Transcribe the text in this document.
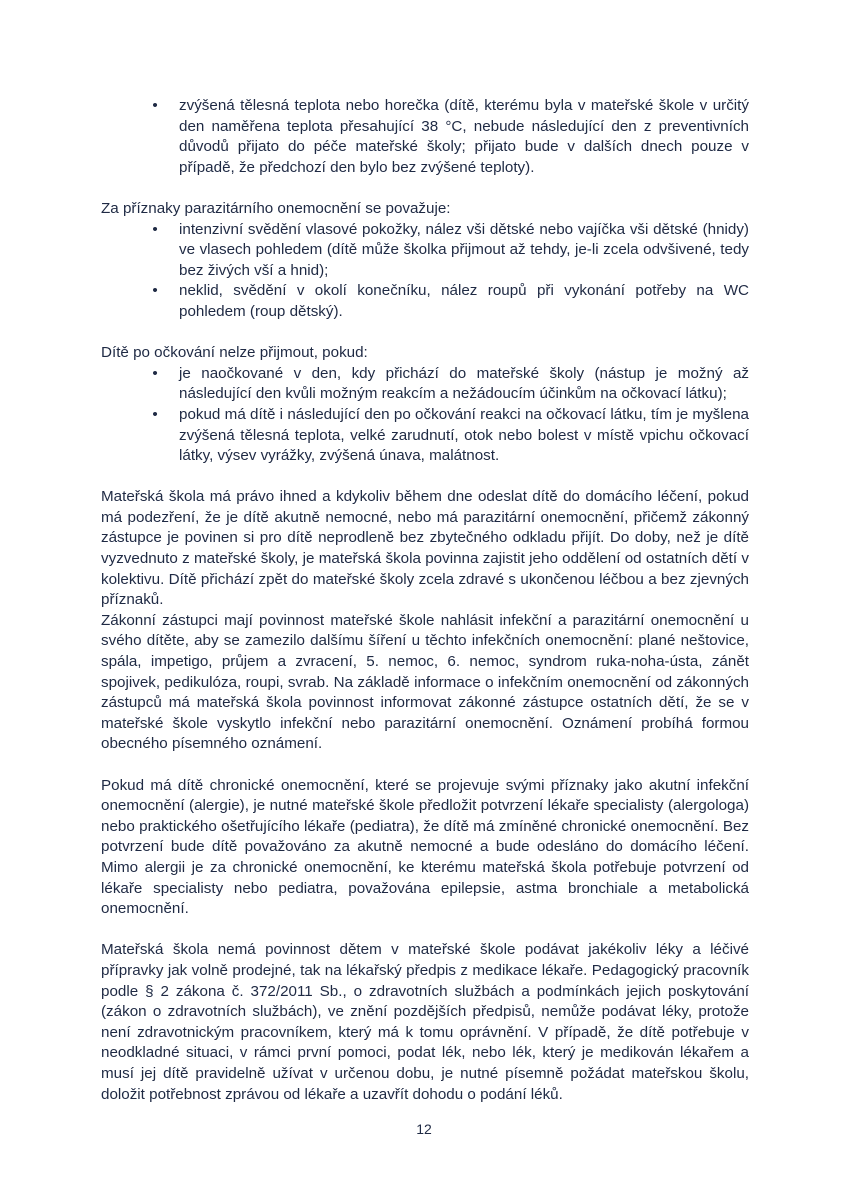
• zvýšená tělesná teplota nebo horečka (dítě, kterému byla v mateřské škole v určitý den naměřena teplota přesahující 38 °C, nebude následující den z preventivních důvodů přijato do péče mateřské školy; přijato bude v dalších dnech pouze v případě, že předchozí den bylo bez zvýšené teploty).

Za příznaky parazitárního onemocnění se považuje:

• intenzivní svědění vlasové pokožky, nález vši dětské nebo vajíčka vši dětské (hnidy) ve vlasech pohledem (dítě může školka přijmout až tehdy, je-li zcela odvšivené, tedy bez živých vší a hnid);
• neklid, svědění v okolí konečníku, nález roupů při vykonání potřeby na WC pohledem (roup dětský).

Dítě po očkování nelze přijmout, pokud:

• je naočkované v den, kdy přichází do mateřské školy (nástup je možný až následující den kvůli možným reakcím a nežádoucím účinkům na očkovací látku);
• pokud má dítě i následující den po očkování reakci na očkovací látku, tím je myšlena zvýšená tělesná teplota, velké zarudnutí, otok nebo bolest v místě vpichu očkovací látky, výsev vyrážky, zvýšená únava, malátnost.

Mateřská škola má právo ihned a kdykoliv během dne odeslat dítě do domácího léčení, pokud má podezření, že je dítě akutně nemocné, nebo má parazitární onemocnění, přičemž zákonný zástupce je povinen si pro dítě neprodleně bez zbytečného odkladu přijít. Do doby, než je dítě vyzvednuto z mateřské školy, je mateřská škola povinna zajistit jeho oddělení od ostatních dětí v kolektivu. Dítě přichází zpět do mateřské školy zcela zdravé s ukončenou léčbou a bez zjevných příznaků.

Zákonní zástupci mají povinnost mateřské škole nahlásit infekční a parazitární onemocnění u svého dítěte, aby se zamezilo dalšímu šíření u těchto infekčních onemocnění: plané neštovice, spála, impetigo, průjem a zvracení, 5. nemoc, 6. nemoc, syndrom ruka-noha-ústa, zánět spojivek, pedikulóza, roupi, svrab. Na základě informace o infekčním onemocnění od zákonných zástupců má mateřská škola povinnost informovat zákonné zástupce ostatních dětí, že se v mateřské škole vyskytlo infekční nebo parazitární onemocnění. Oznámení probíhá formou obecného písemného oznámení.

Pokud má dítě chronické onemocnění, které se projevuje svými příznaky jako akutní infekční onemocnění (alergie), je nutné mateřské škole předložit potvrzení lékaře specialisty (alergologa) nebo praktického ošetřujícího lékaře (pediatra), že dítě má zmíněné chronické onemocnění. Bez potvrzení bude dítě považováno za akutně nemocné a bude odesláno do domácího léčení. Mimo alergii je za chronické onemocnění, ke kterému mateřská škola potřebuje potvrzení od lékaře specialisty nebo pediatra, považována epilepsie, astma bronchiale a metabolická onemocnění.

Mateřská škola nemá povinnost dětem v mateřské škole podávat jakékoliv léky a léčivé přípravky jak volně prodejné, tak na lékařský předpis z medikace lékaře. Pedagogický pracovník podle § 2 zákona č. 372/2011 Sb., o zdravotních službách a podmínkách jejich poskytování (zákon o zdravotních službách), ve znění pozdějších předpisů, nemůže podávat léky, protože není zdravotnickým pracovníkem, který má k tomu oprávnění. V případě, že dítě potřebuje v neodkladné situaci, v rámci první pomoci, podat lék, nebo lék, který je medikován lékařem a musí jej dítě pravidelně užívat v určenou dobu, je nutné písemně požádat mateřskou školu, doložit potřebnost zprávou od lékaře a uzavřít dohodu o podání léků.

12
